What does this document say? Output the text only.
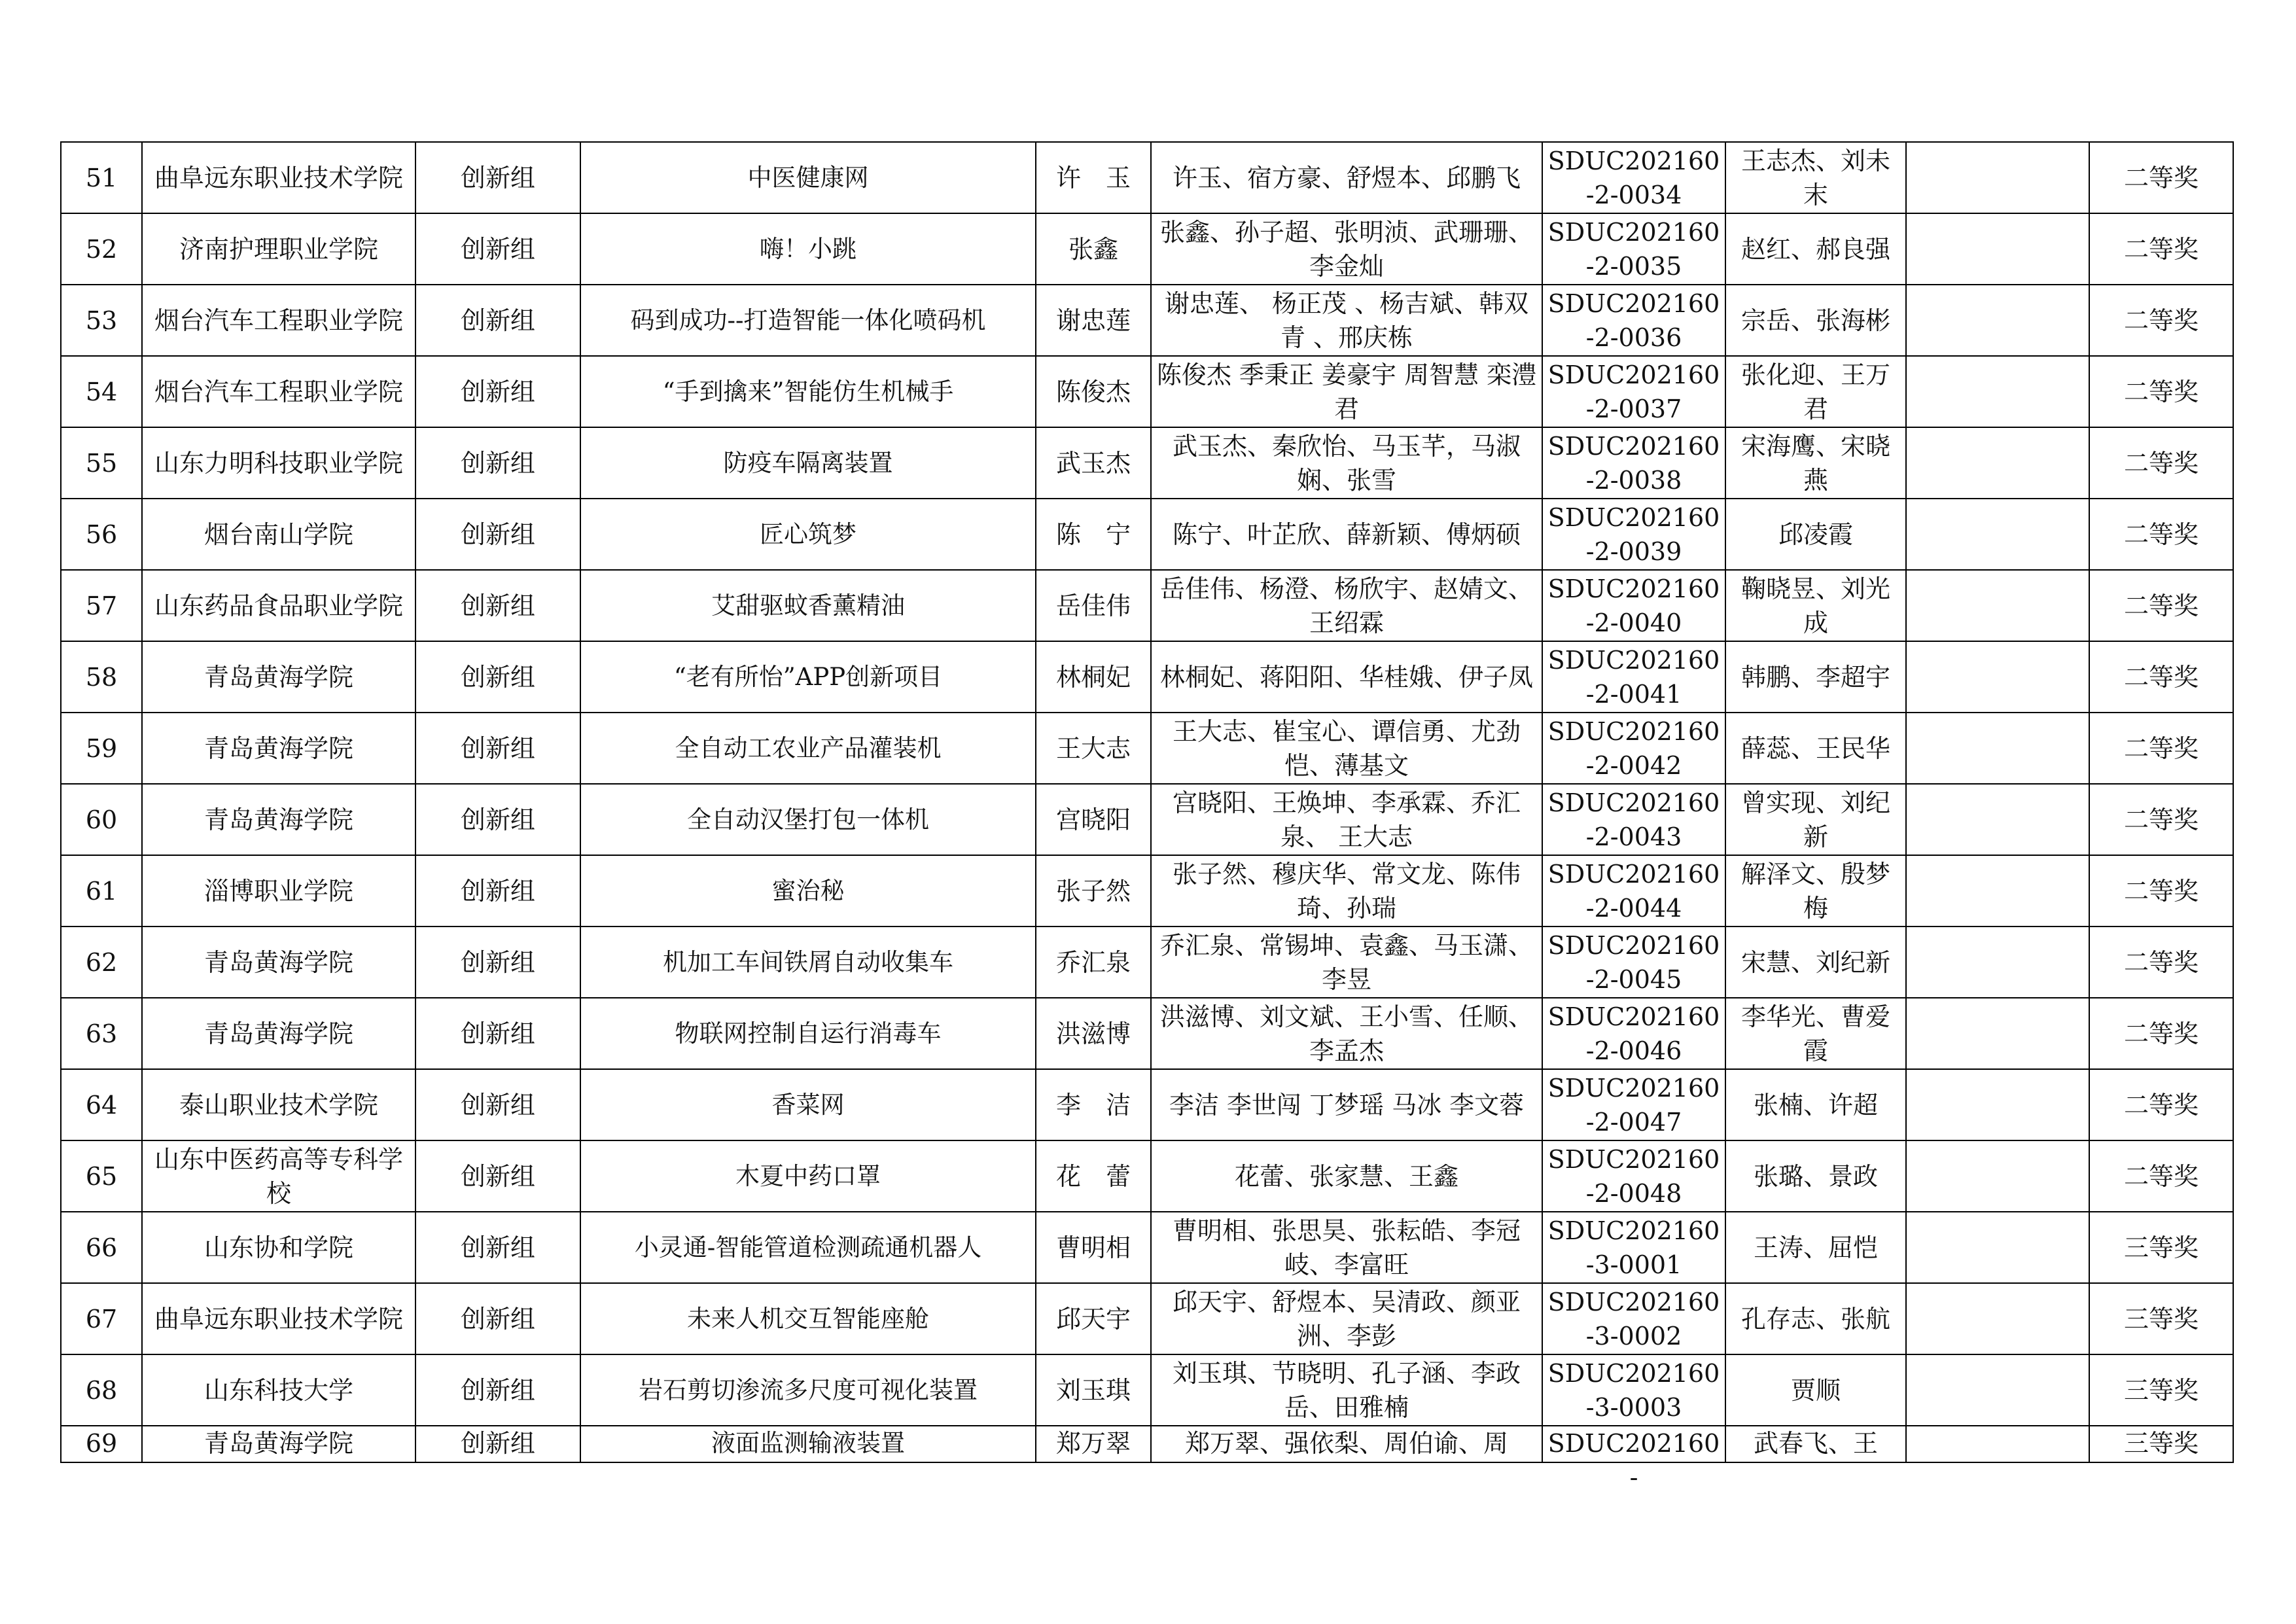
51	曲阜远东职业技术学院	创新组	中医健康网	许　玉	许玉、宿方豪、舒煜本、邱鹏飞	SDUC202160-2-0034	王志杰、刘未末		二等奖

52	济南护理职业学院	创新组	嗨！小跳	张鑫	张鑫、孙子超、张明浈、武珊珊、李金灿	SDUC202160-2-0035	赵红、郝良强		二等奖

53	烟台汽车工程职业学院	创新组	码到成功--打造智能一体化喷码机	谢忠莲	谢忠莲、 杨正茂 、杨吉斌、韩双青 、邢庆栋	SDUC202160-2-0036	宗岳、张海彬		二等奖

54	烟台汽车工程职业学院	创新组	“手到擒来”智能仿生机械手	陈俊杰	陈俊杰 季秉正 姜豪宇 周智慧 栾澧君	SDUC202160-2-0037	张化迎、王万君		二等奖

55	山东力明科技职业学院	创新组	防疫车隔离装置	武玉杰	武玉杰、秦欣怡、马玉芊，马淑娴、张雪	SDUC202160-2-0038	宋海鹰、宋晓燕		二等奖

56	烟台南山学院	创新组	匠心筑梦	陈　宁	陈宁、叶芷欣、薛新颖、傅炳硕	SDUC202160-2-0039	邱凌霞		二等奖

57	山东药品食品职业学院	创新组	艾甜驱蚊香薰精油	岳佳伟	岳佳伟、杨澄、杨欣宇、赵婧文、王绍霖	SDUC202160-2-0040	鞠晓昱、刘光成		二等奖

58	青岛黄海学院	创新组	“老有所怡”APP创新项目	林桐妃	林桐妃、蒋阳阳、华桂娥、伊子凤	SDUC202160-2-0041	韩鹏、李超宇		二等奖

59	青岛黄海学院	创新组	全自动工农业产品灌装机	王大志	王大志、崔宝心、谭信勇、尤劲恺、薄基文	SDUC202160-2-0042	薛蕊、王民华		二等奖

60	青岛黄海学院	创新组	全自动汉堡打包一体机	宫晓阳	宫晓阳、王焕坤、李承霖、乔汇泉、 王大志	SDUC202160-2-0043	曾实现、刘纪新		二等奖

61	淄博职业学院	创新组	蜜治秘	张子然	张子然、穆庆华、常文龙、陈伟琦、孙瑞	SDUC202160-2-0044	解泽文、殷梦梅		二等奖

62	青岛黄海学院	创新组	机加工车间铁屑自动收集车	乔汇泉	乔汇泉、常锡坤、袁鑫、马玉潇、李昱	SDUC202160-2-0045	宋慧、刘纪新		二等奖

63	青岛黄海学院	创新组	物联网控制自运行消毒车	洪滋博	洪滋博、刘文斌、王小雪、任顺、李孟杰	SDUC202160-2-0046	李华光、曹爱霞		二等奖

64	泰山职业技术学院	创新组	香菜网	李　洁	李洁 李世闯 丁梦瑶 马冰 李文蓉	SDUC202160-2-0047	张楠、许超		二等奖

65	山东中医药高等专科学校	创新组	木夏中药口罩	花　蕾	花蕾、张家慧、王鑫	SDUC202160-2-0048	张璐、景政		二等奖

66	山东协和学院	创新组	小灵通-智能管道检测疏通机器人	曹明相	曹明相、张思昊、张耘皓、李冠岐、李富旺	SDUC202160-3-0001	王涛、屈恺		三等奖

67	曲阜远东职业技术学院	创新组	未来人机交互智能座舱	邱天宇	邱天宇、舒煜本、吴清政、颜亚洲、李彭	SDUC202160-3-0002	孔存志、张航		三等奖

68	山东科技大学	创新组	岩石剪切渗流多尺度可视化装置	刘玉琪	刘玉琪、节晓明、孔子涵、李政岳、田雅楠	SDUC202160-3-0003	贾顺		三等奖

69	青岛黄海学院	创新组	液面监测输液装置	郑万翠	郑万翠、强依梨、周伯谕、周	SDUC202160-	武春飞、王		三等奖
